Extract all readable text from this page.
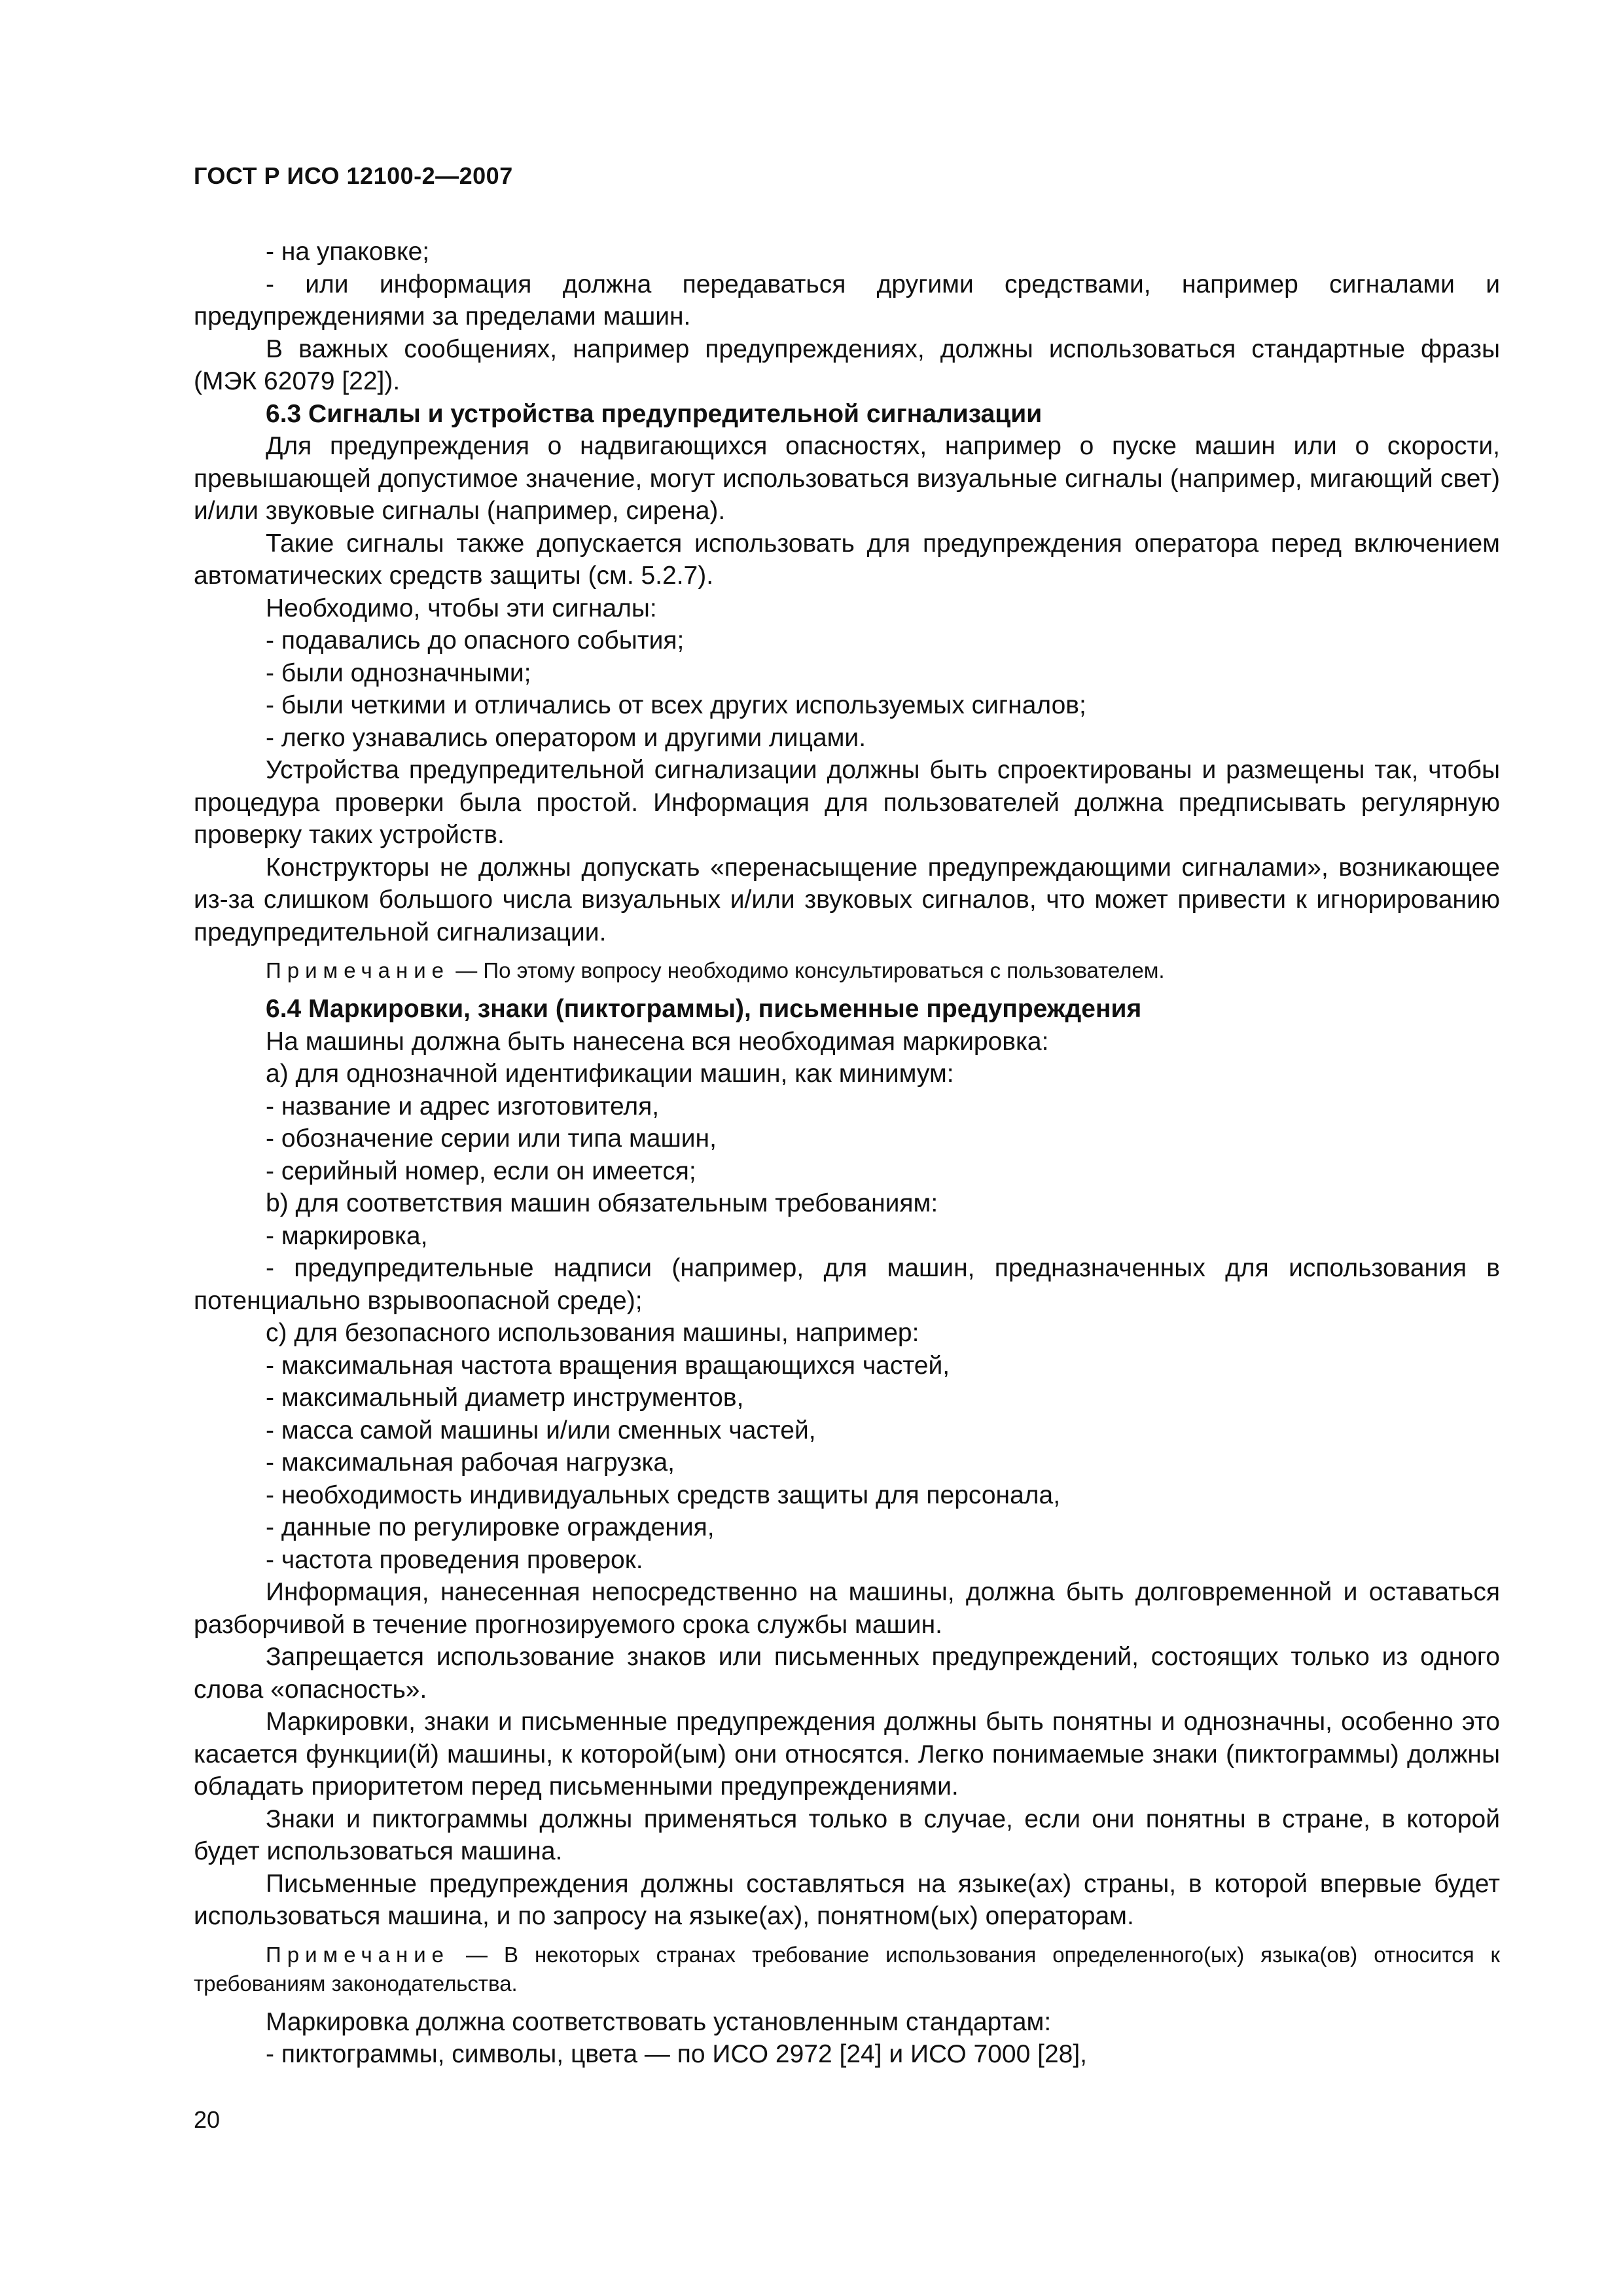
ГОСТ Р ИСО 12100-2—2007

- на упаковке;

- или информация должна передаваться другими средствами, например сигналами и предупреждениями за пределами машин.

В важных сообщениях, например предупреждениях, должны использоваться стандартные фразы (МЭК 62079 [22]).

6.3 Сигналы и устройства предупредительной сигнализации

Для предупреждения о надвигающихся опасностях, например о пуске машин или о скорости, превышающей допустимое значение, могут использоваться визуальные сигналы (например, мигающий свет) и/или звуковые сигналы (например, сирена).

Такие сигналы также допускается использовать для предупреждения оператора перед включением автоматических средств защиты (см. 5.2.7).

Необходимо, чтобы эти сигналы:

- подавались до опасного события;

- были однозначными;

- были четкими и отличались от всех других используемых сигналов;

- легко узнавались оператором и другими лицами.

Устройства предупредительной сигнализации должны быть спроектированы и размещены так, чтобы процедура проверки была простой. Информация для пользователей должна предписывать регулярную проверку таких устройств.

Конструкторы не должны допускать «перенасыщение предупреждающими сигналами», возникающее из-за слишком большого числа визуальных и/или звуковых сигналов, что может привести к игнорированию предупредительной сигнализации.

Примечание — По этому вопросу необходимо консультироваться с пользователем.

6.4 Маркировки, знаки (пиктограммы), письменные предупреждения

На машины должна быть нанесена вся необходимая маркировка:

a) для однозначной идентификации машин, как минимум:

- название и адрес изготовителя,

- обозначение серии или типа машин,

- серийный номер, если он имеется;

b) для соответствия машин обязательным требованиям:

- маркировка,

- предупредительные надписи (например, для машин, предназначенных для использования в потенциально взрывоопасной среде);

c) для безопасного использования машины, например:

- максимальная частота вращения вращающихся частей,

- максимальный диаметр инструментов,

- масса самой машины и/или сменных частей,

- максимальная рабочая нагрузка,

- необходимость индивидуальных средств защиты для персонала,

- данные по регулировке ограждения,

- частота проведения проверок.

Информация, нанесенная непосредственно на машины, должна быть долговременной и оставаться разборчивой в течение прогнозируемого срока службы машин.

Запрещается использование знаков или письменных предупреждений, состоящих только из одного слова «опасность».

Маркировки, знаки и письменные предупреждения должны быть понятны и однозначны, особенно это касается функции(й) машины, к которой(ым) они относятся. Легко понимаемые знаки (пиктограммы) должны обладать приоритетом перед письменными предупреждениями.

Знаки и пиктограммы должны применяться только в случае, если они понятны в стране, в которой будет использоваться машина.

Письменные предупреждения должны составляться на языке(ах) страны, в которой впервые будет использоваться машина, и по запросу на языке(ах), понятном(ых) операторам.

Примечание — В некоторых странах требование использования определенного(ых) языка(ов) относится к требованиям законодательства.

Маркировка должна соответствовать установленным стандартам:

- пиктограммы, символы, цвета — по ИСО 2972 [24] и ИСО 7000 [28],

20
